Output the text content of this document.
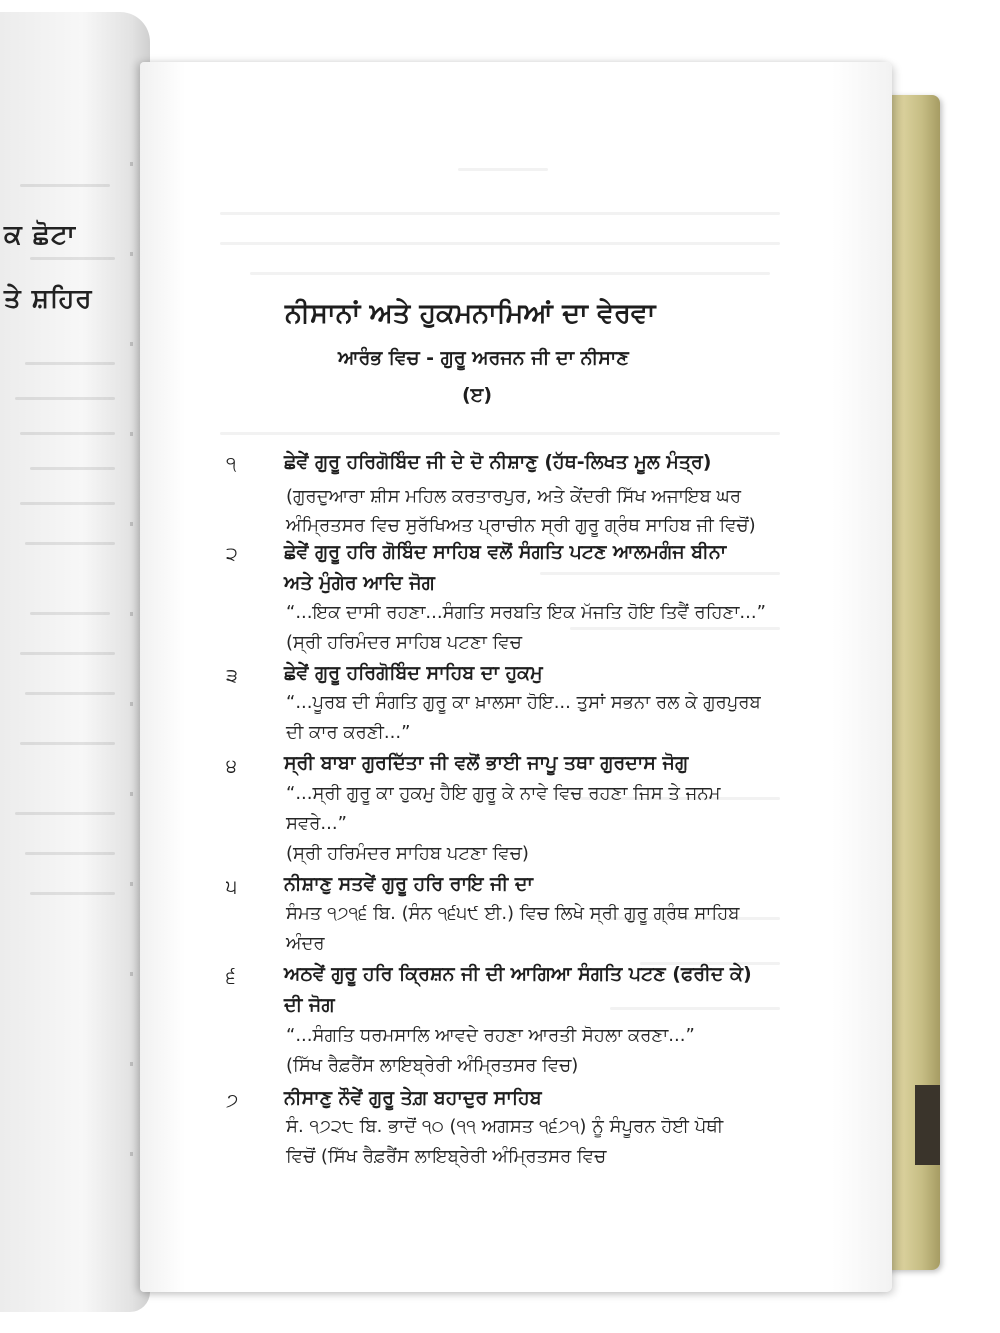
ਕ ਛੋਟਾ
ਤੇ ਸ਼ਹਿਰ	ਨੀਸਾਨਾਂ ਅਤੇ ਹੁਕਮਨਾਮਿਆਂ ਦਾ ਵੇਰਵਾ
ਆਰੰਭ ਵਿਚ - ਗੁਰੂ ਅਰਜਨ ਜੀ ਦਾ ਨੀਸਾਣ
(ੲ)
੧	ਛੇਵੇਂ ਗੁਰੂ ਹਰਿਗੋਬਿੰਦ ਜੀ ਦੇ ਦੋ ਨੀਸ਼ਾਣੁ (ਹੱਥ-ਲਿਖਤ ਮੂਲ ਮੰਤ੍ਰ)
(ਗੁਰਦੁਆਰਾ ਸ਼ੀਸ ਮਹਿਲ ਕਰਤਾਰਪੁਰ, ਅਤੇ ਕੇਂਦਰੀ ਸਿੱਖ ਅਜਾਇਬ ਘਰ
ਅੰਮ੍ਰਿਤਸਰ ਵਿਚ ਸੁਰੱਖਿਅਤ ਪ੍ਰਾਚੀਨ ਸ੍ਰੀ ਗੁਰੂ ਗ੍ਰੰਥ ਸਾਹਿਬ ਜੀ ਵਿਚੋਂ)
੨ ਛੇਵੇਂ ਗੁਰੂ ਹਰਿ ਗੋਬਿੰਦ ਸਾਹਿਬ ਵਲੋਂ ਸੰਗਤਿ ਪਟਣ ਆਲਮਗੰਜ ਬੀਨਾ
ਅਤੇ ਮੁੰਗੇਰ ਆਦਿ ਜੋਗ
“...ਇਕ ਦਾਸੀ ਰਹਣਾ...ਸੰਗਤਿ ਸਰਬਤਿ ਇਕ ਮੱਜਤਿ ਹੋਇ ਤਿਵੈਂ ਰਹਿਣਾ...”
(ਸ੍ਰੀ ਹਰਿਮੰਦਰ ਸਾਹਿਬ ਪਟਣਾ ਵਿਚ
੩ ਛੇਵੇਂ ਗੁਰੂ ਹਰਿਗੋਬਿੰਦ ਸਾਹਿਬ ਦਾ ਹੁਕਮੁ
“...ਪੂਰਬ ਦੀ ਸੰਗਤਿ ਗੁਰੂ ਕਾ ਖ਼ਾਲਸਾ ਹੋਇ... ਤੁਸਾਂ ਸਭਨਾ ਰਲ ਕੇ ਗੁਰਪੁਰਬ
ਦੀ ਕਾਰ ਕਰਣੀ...”
੪ ਸ੍ਰੀ ਬਾਬਾ ਗੁਰਦਿੱਤਾ ਜੀ ਵਲੋਂ ਭਾਈ ਜਾਪੂ ਤਥਾ ਗੁਰਦਾਸ ਜੋਗੁ
“...ਸ੍ਰੀ ਗੁਰੂ ਕਾ ਹੁਕਮੁ ਹੈਇ ਗੁਰੂ ਕੇ ਨਾਵੇ ਵਿਚ ਰਹਣਾ ਜਿਸ ਤੇ ਜਨਮ
ਸਵਰੇ...”
(ਸ੍ਰੀ ਹਰਿਮੰਦਰ ਸਾਹਿਬ ਪਟਣਾ ਵਿਚ)
੫ ਨੀਸ਼ਾਣੁ ਸਤਵੇਂ ਗੁਰੂ ਹਰਿ ਰਾਇ ਜੀ ਦਾ
ਸੰਮਤ ੧੭੧੬ ਬਿ. (ਸੰਨ ੧੬੫੯ ਈ.) ਵਿਚ ਲਿਖੇ ਸ੍ਰੀ ਗੁਰੂ ਗ੍ਰੰਥ ਸਾਹਿਬ
ਅੰਦਰ
੬	ਅਠਵੇਂ ਗੁਰੂ ਹਰਿ ਕ੍ਰਿਸ਼ਨ ਜੀ ਦੀ ਆਗਿਆ ਸੰਗਤਿ ਪਟਣ (ਫਰੀਦ ਕੇ)
ਦੀ ਜੋਗ
“...ਸੰਗਤਿ ਧਰਮਸਾਲਿ ਆਵਦੇ ਰਹਣਾ ਆਰਤੀ ਸੋਹਲਾ ਕਰਣਾ...”
(ਸਿੱਖ ਰੈਫ਼ਰੈਂਸ ਲਾਇਬ੍ਰੇਰੀ ਅੰਮ੍ਰਿਤਸਰ ਵਿਚ)
੭ ਨੀਸਾਣੁ ਨੌਵੇਂ ਗੁਰੂ ਤੇਗ਼ ਬਹਾਦੁਰ ਸਾਹਿਬ
ਸੰ. ੧੭੨੮ ਬਿ. ਭਾਦੋਂ ੧੦ (੧੧ ਅਗਸਤ ੧੬੭੧) ਨੂੰ ਸੰਪੂਰਨ ਹੋਈ ਪੋਥੀ
ਵਿਚੋਂ (ਸਿੱਖ ਰੈਫ਼ਰੈਂਸ ਲਾਇਬ੍ਰੇਰੀ ਅੰਮ੍ਰਿਤਸਰ ਵਿਚ
